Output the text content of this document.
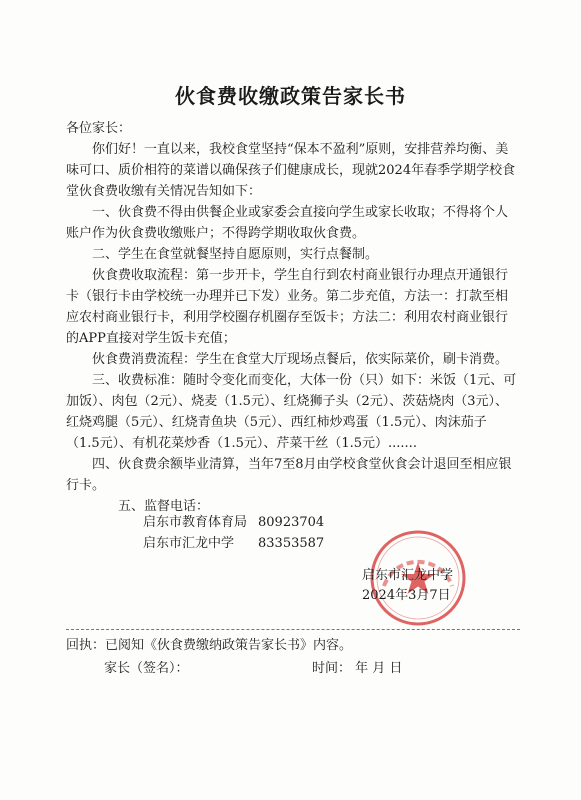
伙食费收缴政策告家长书

各位家长：

你们好！一直以来，我校食堂坚持“保本不盈利”原则，安排营养均衡、美味可口、质价相符的菜谱以确保孩子们健康成长，现就2024年春季学期学校食堂伙食费收缴有关情况告知如下：

一、伙食费不得由供餐企业或家委会直接向学生或家长收取；不得将个人账户作为伙食费收缴账户；不得跨学期收取伙食费。

二、学生在食堂就餐坚持自愿原则，实行点餐制。

伙食费收取流程：第一步开卡，学生自行到农村商业银行办理点开通银行卡（银行卡由学校统一办理并已下发）业务。第二步充值，方法一：打款至相应农村商业银行卡，利用学校圈存机圈存至饭卡；方法二：利用农村商业银行的APP直接对学生饭卡充值；

伙食费消费流程：学生在食堂大厅现场点餐后，依实际菜价，刷卡消费。

三、收费标准：随时令变化而变化，大体一份（只）如下：米饭（1元、可加饭）、肉包（2元）、烧麦（1.5元）、红烧狮子头（2元）、茨菇烧肉（3元）、红烧鸡腿（5元）、红烧青鱼块（5元）、西红柿炒鸡蛋（1.5元）、肉沫茄子（1.5元）、有机花菜炒香（1.5元）、芹菜干丝（1.5元）.......

四、伙食费余额毕业清算，当年7至8月由学校食堂伙食会计退回至相应银行卡。

五、监督电话：

启东市教育体育局 80923704
启东市汇龙中学	83353587
启东市汇龙中学
2024年3月7日
回执：已阅知《伙食费缴纳政策告家长书》内容。
家长（签名）：	时间： 年 月 日
